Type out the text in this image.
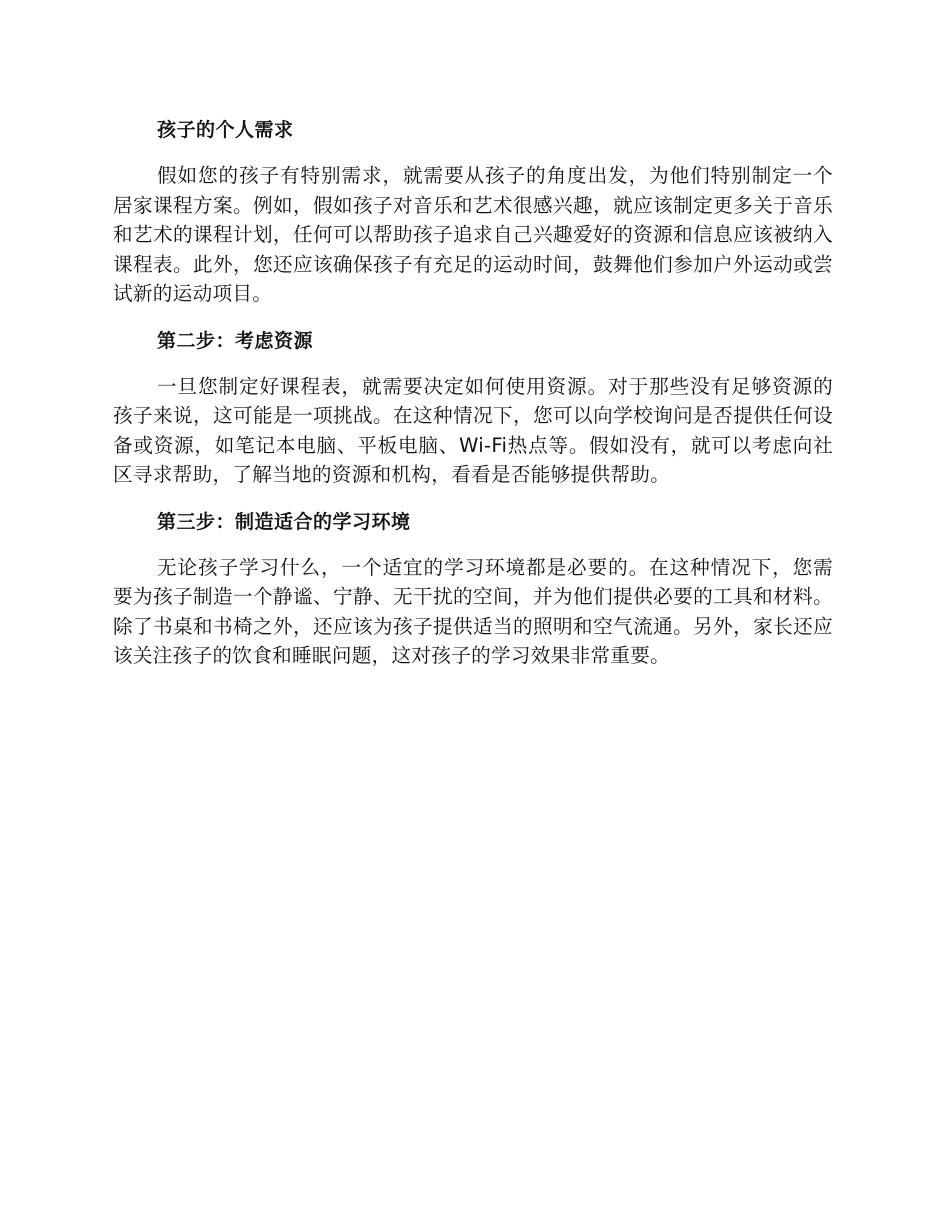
孩子的个人需求

假如您的孩子有特别需求，就需要从孩子的角度出发，为他们特别制定一个居家课程方案。例如，假如孩子对音乐和艺术很感兴趣，就应该制定更多关于音乐和艺术的课程计划，任何可以帮助孩子追求自己兴趣爱好的资源和信息应该被纳入课程表。此外，您还应该确保孩子有充足的运动时间，鼓舞他们参加户外运动或尝试新的运动项目。

第二步：考虑资源

一旦您制定好课程表，就需要决定如何使用资源。对于那些没有足够资源的孩子来说，这可能是一项挑战。在这种情况下，您可以向学校询问是否提供任何设备或资源，如笔记本电脑、平板电脑、Wi-Fi热点等。假如没有，就可以考虑向社区寻求帮助，了解当地的资源和机构，看看是否能够提供帮助。

第三步：制造适合的学习环境

无论孩子学习什么，一个适宜的学习环境都是必要的。在这种情况下，您需要为孩子制造一个静谧、宁静、无干扰的空间，并为他们提供必要的工具和材料。除了书桌和书椅之外，还应该为孩子提供适当的照明和空气流通。另外，家长还应该关注孩子的饮食和睡眠问题，这对孩子的学习效果非常重要。
